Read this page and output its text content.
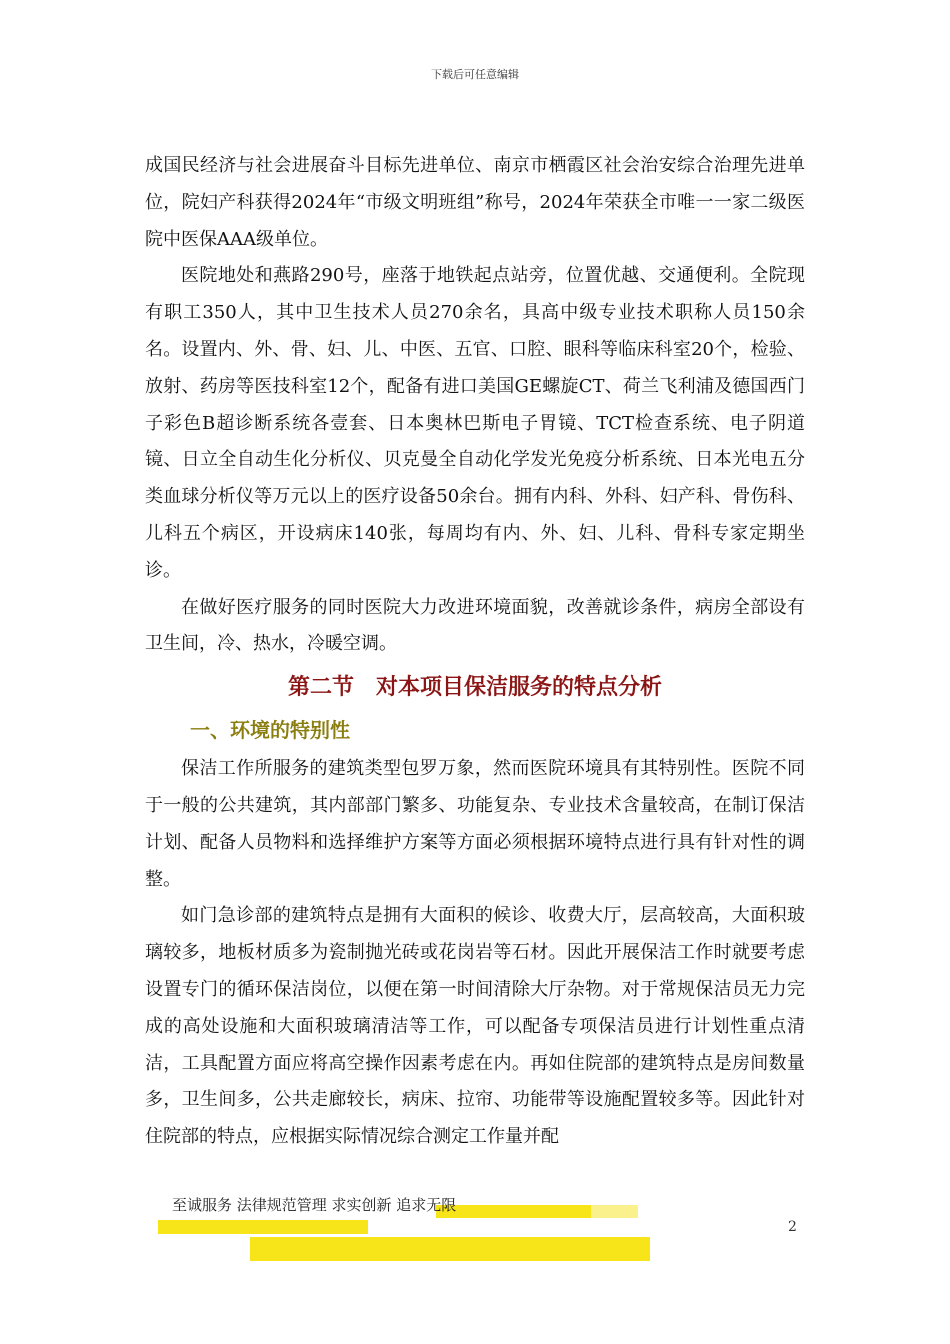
下载后可任意编辑

成国民经济与社会进展奋斗目标先进单位、南京市栖霞区社会治安综合治理先进单位，院妇产科获得2024年“市级文明班组”称号，2024年荣获全市唯一一家二级医院中医保AAA级单位。

医院地处和燕路290号，座落于地铁起点站旁，位置优越、交通便利。全院现有职工350人，其中卫生技术人员270余名，具高中级专业技术职称人员150余名。设置内、外、骨、妇、儿、中医、五官、口腔、眼科等临床科室20个，检验、放射、药房等医技科室12个，配备有进口美国GE螺旋CT、荷兰飞利浦及德国西门子彩色B超诊断系统各壹套、日本奥林巴斯电子胃镜、TCT检查系统、电子阴道镜、日立全自动生化分析仪、贝克曼全自动化学发光免疫分析系统、日本光电五分类血球分析仪等万元以上的医疗设备50余台。拥有内科、外科、妇产科、骨伤科、儿科五个病区，开设病床140张，每周均有内、外、妇、儿科、骨科专家定期坐诊。

在做好医疗服务的同时医院大力改进环境面貌，改善就诊条件，病房全部设有卫生间，冷、热水，冷暖空调。

第二节　对本项目保洁服务的特点分析
一、环境的特别性

保洁工作所服务的建筑类型包罗万象，然而医院环境具有其特别性。医院不同于一般的公共建筑，其内部部门繁多、功能复杂、专业技术含量较高，在制订保洁计划、配备人员物料和选择维护方案等方面必须根据环境特点进行具有针对性的调整。

如门急诊部的建筑特点是拥有大面积的候诊、收费大厅，层高较高，大面积玻璃较多，地板材质多为瓷制抛光砖或花岗岩等石材。因此开展保洁工作时就要考虑设置专门的循环保洁岗位，以便在第一时间清除大厅杂物。对于常规保洁员无力完成的高处设施和大面积玻璃清洁等工作，可以配备专项保洁员进行计划性重点清洁，工具配置方面应将高空操作因素考虑在内。再如住院部的建筑特点是房间数量多，卫生间多，公共走廊较长，病床、拉帘、功能带等设施配置较多等。因此针对住院部的特点，应根据实际情况综合测定工作量并配

至诚服务 法律规范管理 求实创新 追求无限
2
